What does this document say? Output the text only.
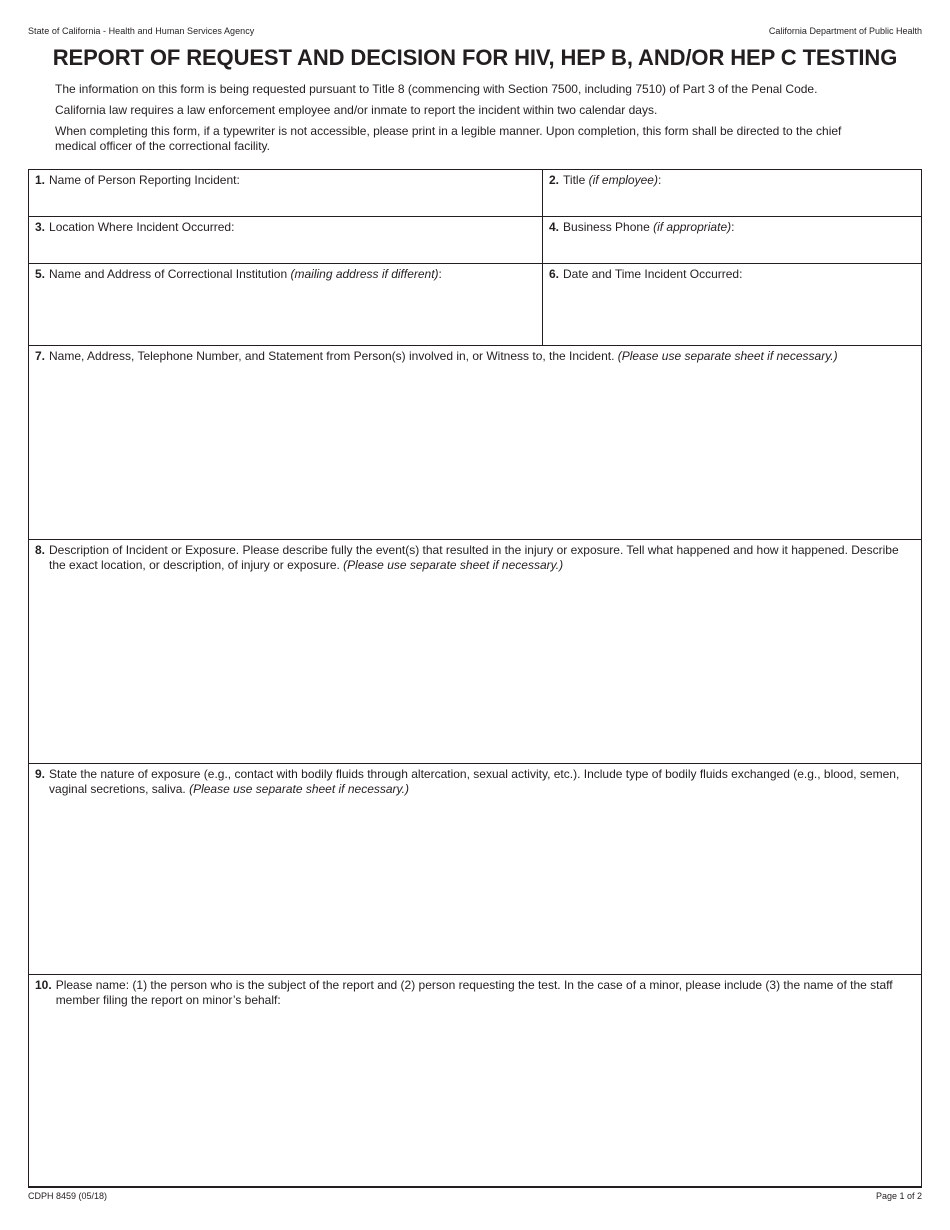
State of California - Health and Human Services Agency	California Department of Public Health
REPORT OF REQUEST AND DECISION FOR HIV, HEP B, AND/OR HEP C TESTING

The information on this form is being requested pursuant to Title 8 (commencing with Section 7500, including 7510) of Part 3 of the Penal Code.

California law requires a law enforcement employee and/or inmate to report the incident within two calendar days.

When completing this form, if a typewriter is not accessible, please print in a legible manner. Upon completion, this form shall be directed to the chief medical officer of the correctional facility.

1. Name of Person Reporting Incident:	2. Title (if employee):
3. Location Where Incident Occurred:	4. Business Phone (if appropriate):
5. Name and Address of Correctional Institution (mailing address if different):	6. Date and Time Incident Occurred:
7. Name, Address, Telephone Number, and Statement from Person(s) involved in, or Witness to, the Incident. (Please use separate sheet if necessary.)
8. Description of Incident or Exposure. Please describe fully the event(s) that resulted in the injury or exposure. Tell what happened and how it happened. Describe the exact location, or description, of injury or exposure. (Please use separate sheet if necessary.)
9. State the nature of exposure (e.g., contact with bodily fluids through altercation, sexual activity, etc.). Include type of bodily fluids exchanged (e.g., blood, semen, vaginal secretions, saliva. (Please use separate sheet if necessary.)
10. Please name: (1) the person who is the subject of the report and (2) person requesting the test. In the case of a minor, please include (3) the name of the staff member filing the report on minor’s behalf:
CDPH 8459 (05/18)	Page 1 of 2
